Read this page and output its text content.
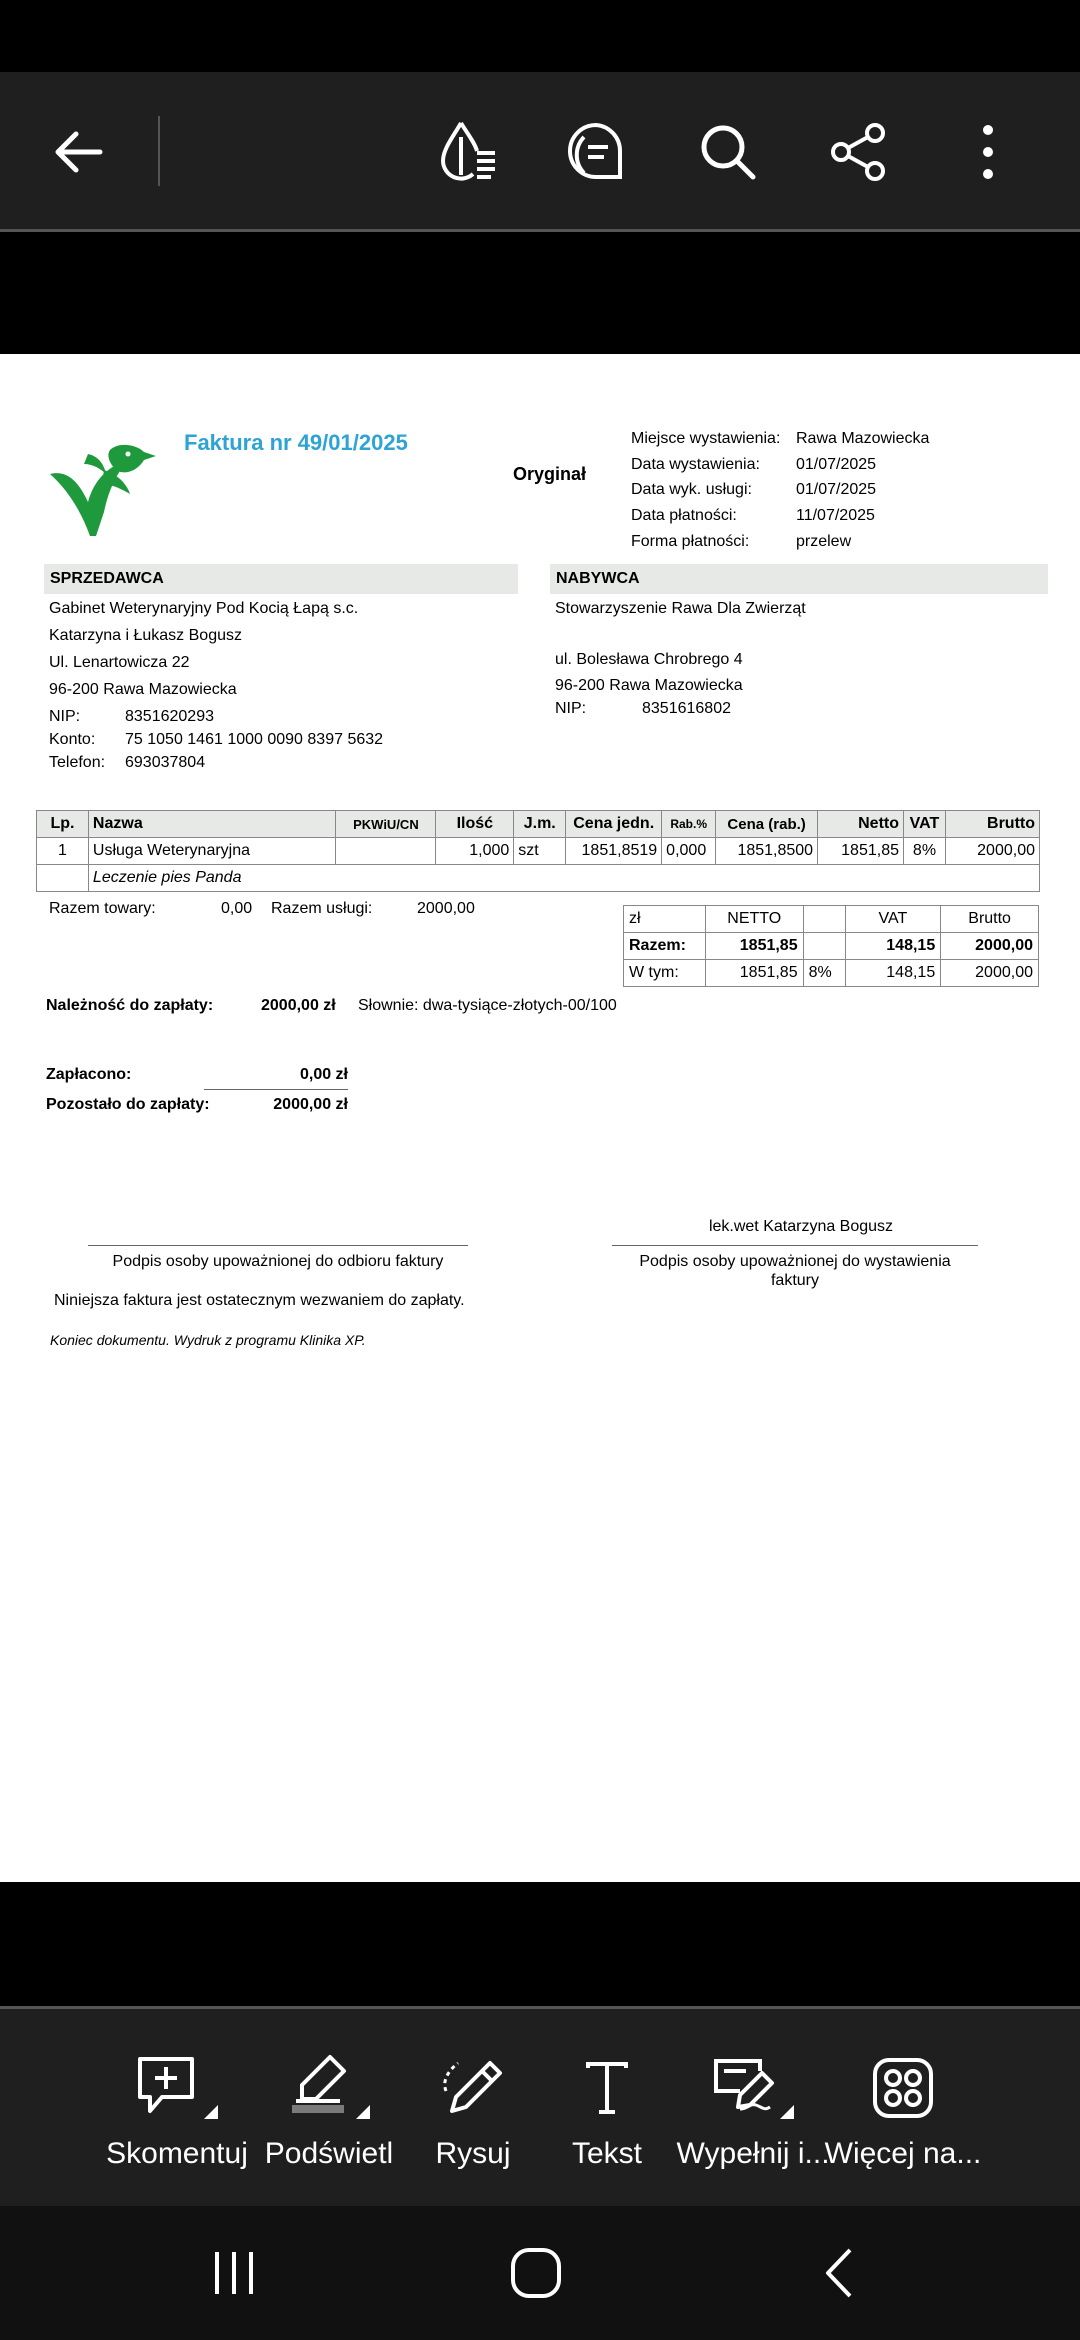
Faktura nr 49/01/2025
Oryginał
Miejsce wystawienia: Rawa Mazowiecka
Data wystawienia: 01/07/2025
Data wyk. usługi:	01/07/2025
Data płatności:	11/07/2025
Forma płatności:	przelew
SPRZEDAWCA
Gabinet Weterynaryjny Pod Kocią Łapą s.c.
Katarzyna i Łukasz Bogusz
Ul. Lenartowicza 22
96-200 Rawa Mazowiecka
NIP:	8351620293
Konto: 75 1050 1461 1000 0090 8397 5632
Telefon: 693037804
NABYWCA
Stowarzyszenie Rawa Dla Zwierząt
ul. Bolesława Chrobrego 4
96-200 Rawa Mazowiecka
NIP:	8351616802
Lp.	Nazwa	PKWiU/CN	Ilość	J.m.	Cena jedn.	Rab.%	Cena (rab.)	Netto	VAT	Brutto
1	Usługa Weterynaryjna		1,000	szt	1851,8519	0,000	1851,8500	1851,85	8%	2000,00
	Leczenie pies Panda									
Razem towary:	0,00 Razem usługi:	2000,00
zł	NETTO		VAT	Brutto
Razem:	1851,85		148,15	2000,00
W tym:	1851,85	8%	148,15	2000,00
Należność do zapłaty:	2000,00 zł Słownie: dwa-tysiące-złotych-00/100
Zapłacono:	0,00 zł
Pozostało do zapłaty:	2000,00 zł
lek.wet Katarzyna Bogusz
Podpis osoby upoważnionej do odbioru faktury	Podpis osoby upoważnionej do wystawienia
faktury
Niniejsza faktura jest ostatecznym wezwaniem do zapłaty.
Koniec dokumentu. Wydruk z programu Klinika XP.
Skomentuj Podświetl Rysuj Tekst Wypełnij i...
Więcej na...
